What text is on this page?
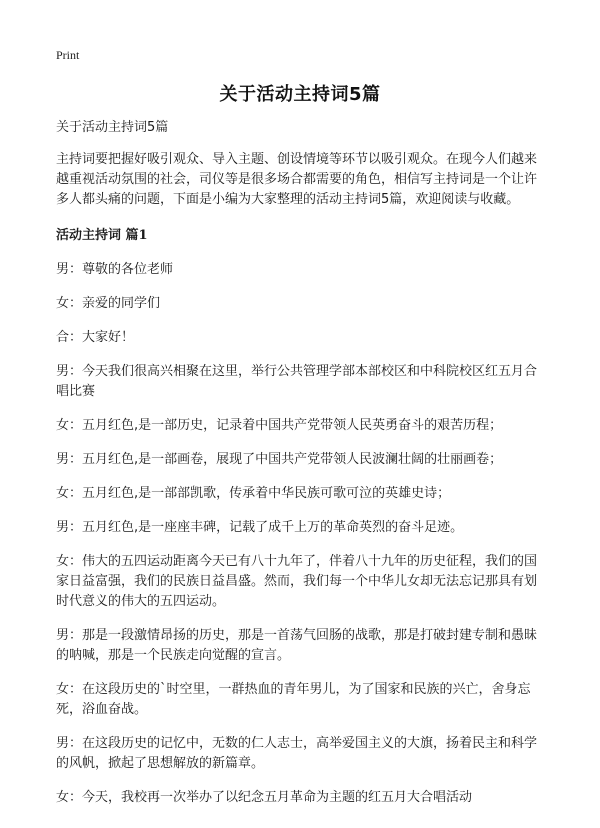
Print
关于活动主持词5篇

关于活动主持词5篇

主持词要把握好吸引观众、导入主题、创设情境等环节以吸引观众。在现今人们越来越重视活动氛围的社会，司仪等是很多场合都需要的角色，相信写主持词是一个让许多人都头痛的问题，下面是小编为大家整理的活动主持词5篇，欢迎阅读与收藏。

活动主持词 篇1

男：尊敬的各位老师

女：亲爱的同学们

合：大家好！

男：今天我们很高兴相聚在这里，举行公共管理学部本部校区和中科院校区红五月合唱比赛

女：五月红色,是一部历史，记录着中国共产党带领人民英勇奋斗的艰苦历程；

男：五月红色,是一部画卷，展现了中国共产党带领人民波澜壮阔的壮丽画卷；

女：五月红色,是一部部凯歌，传承着中华民族可歌可泣的英雄史诗；

男：五月红色,是一座座丰碑，记载了成千上万的革命英烈的奋斗足迹。

女：伟大的五四运动距离今天已有八十九年了，伴着八十九年的历史征程，我们的国家日益富强，我们的民族日益昌盛。然而，我们每一个中华儿女却无法忘记那具有划时代意义的伟大的五四运动。

男：那是一段激情昂扬的历史，那是一首荡气回肠的战歌，那是打破封建专制和愚昧的呐喊，那是一个民族走向觉醒的宣言。

女：在这段历史的`时空里，一群热血的青年男儿，为了国家和民族的兴亡，舍身忘死，浴血奋战。

男：在这段历史的记忆中，无数的仁人志士，高举爱国主义的大旗，扬着民主和科学的风帆，掀起了思想解放的新篇章。

女：今天，我校再一次举办了以纪念五月革命为主题的红五月大合唱活动
